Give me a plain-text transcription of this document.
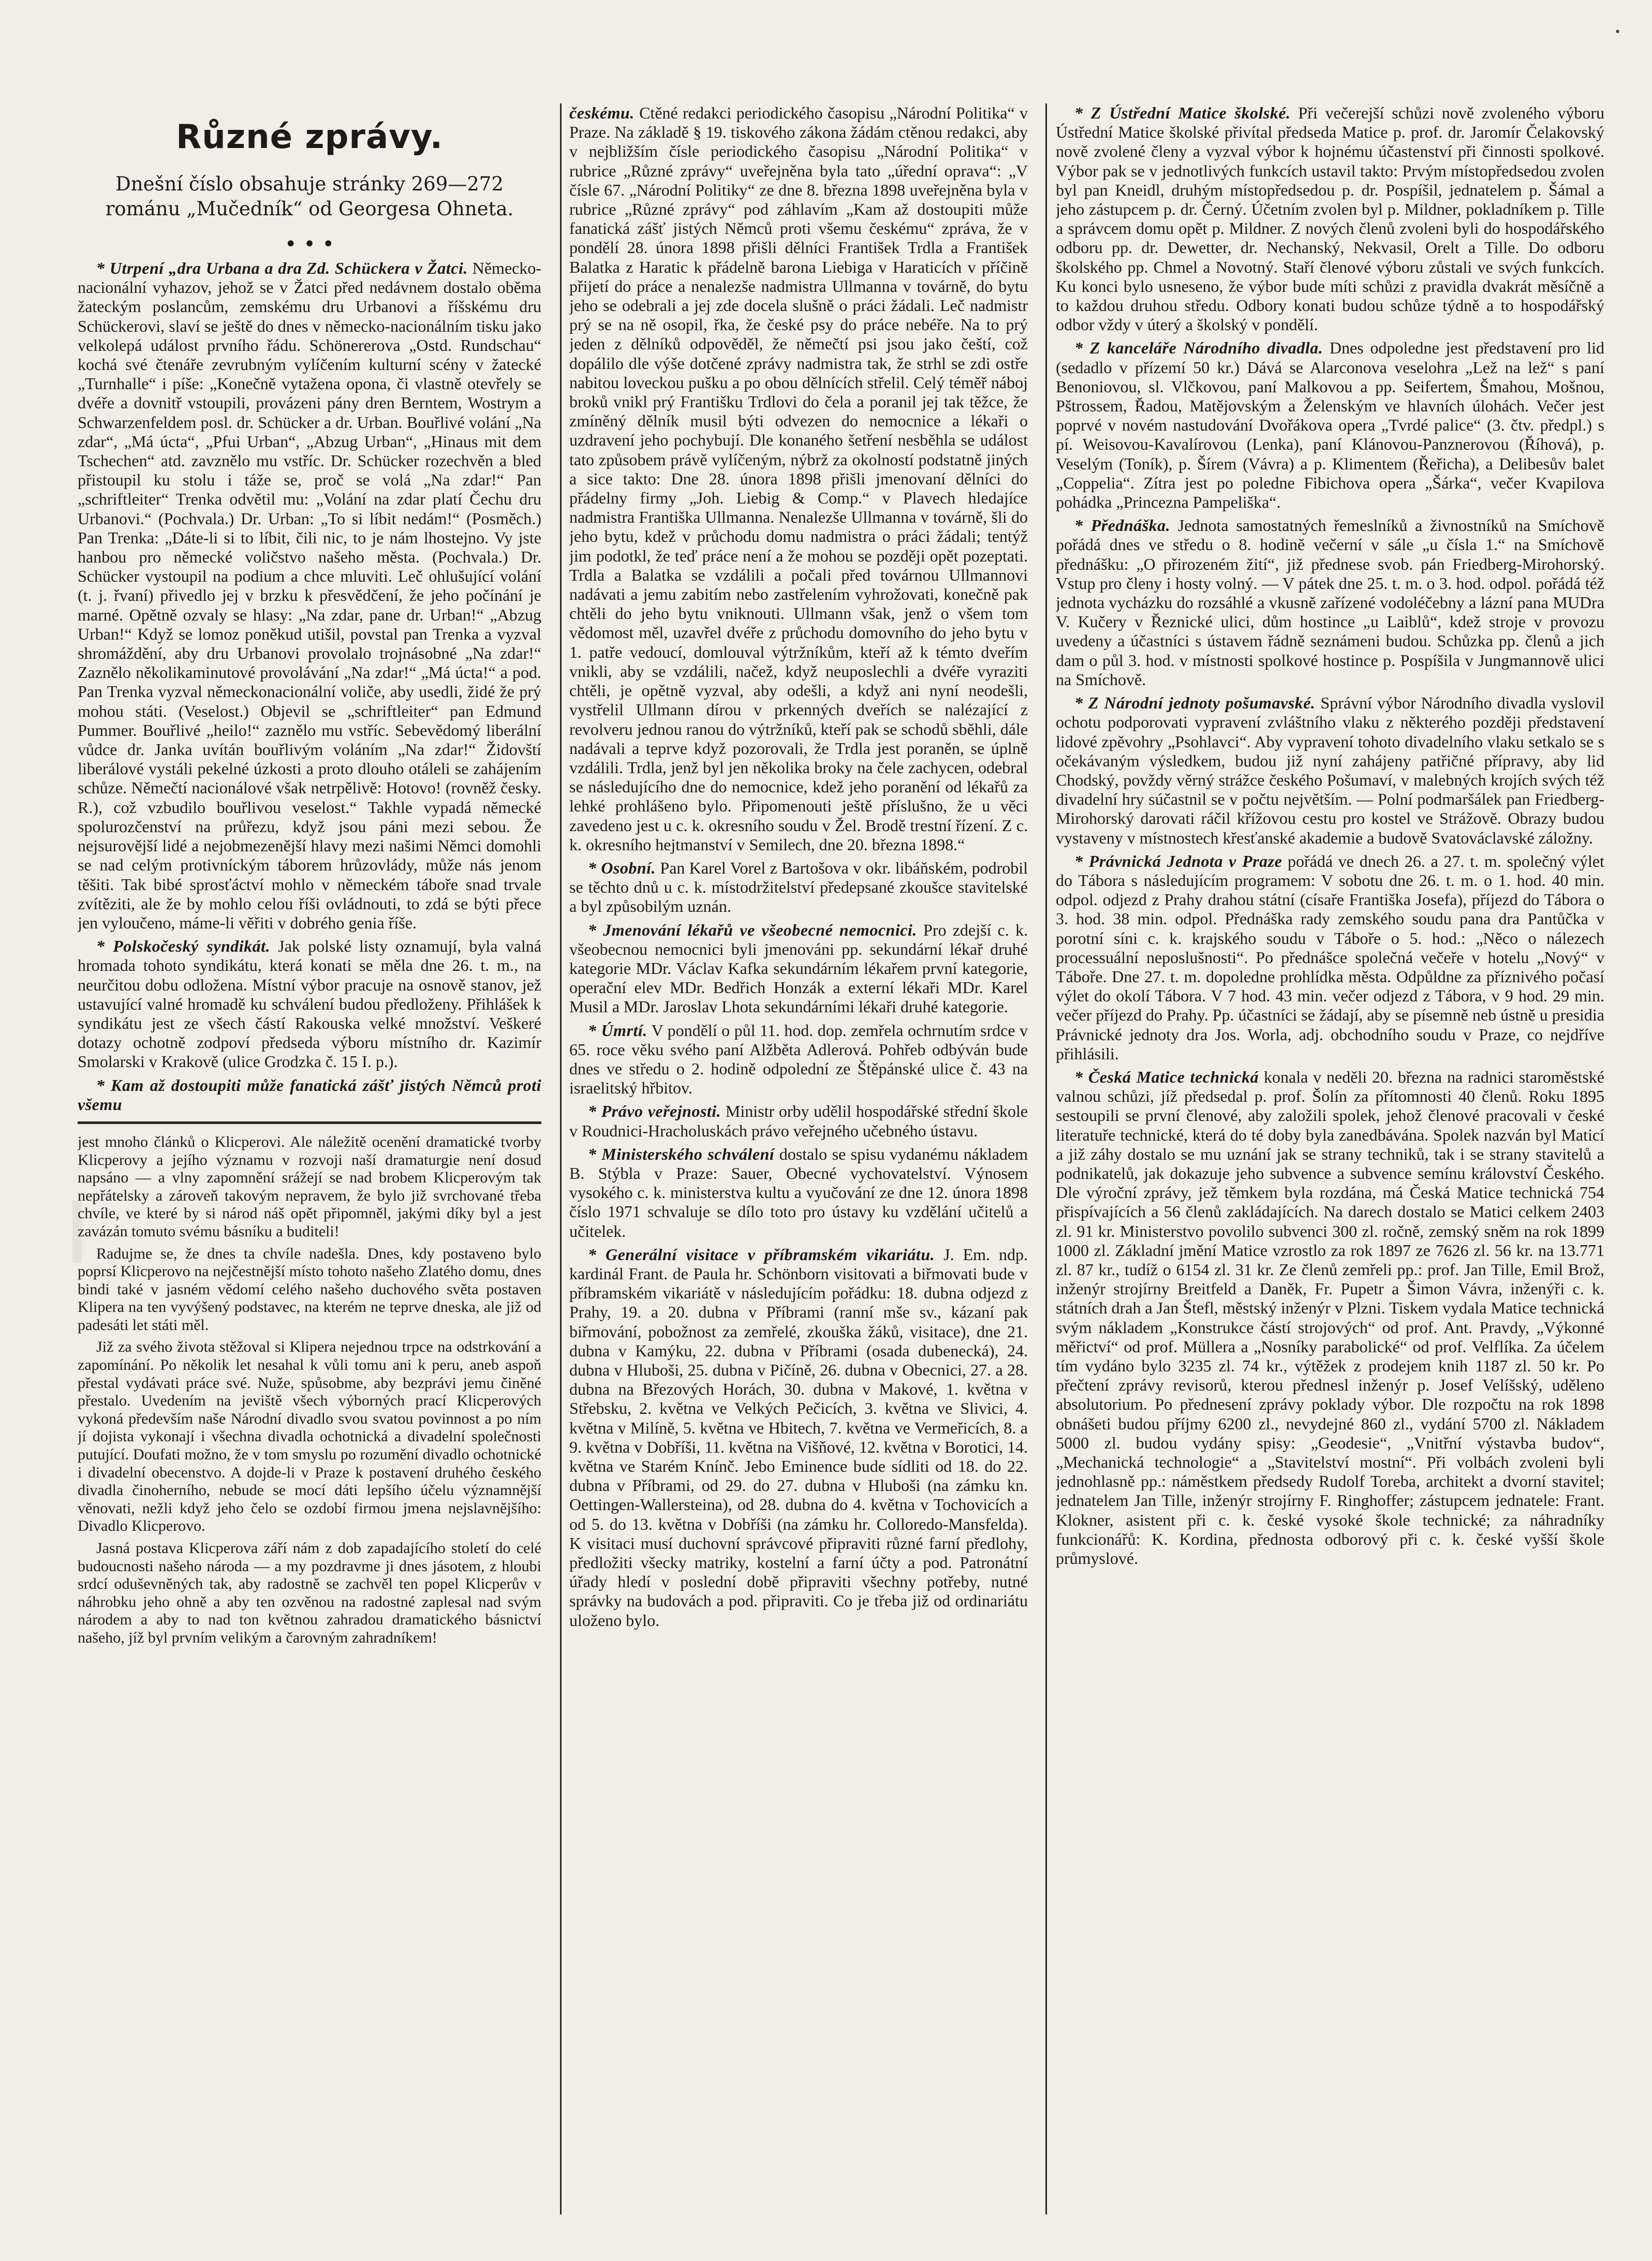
•
Různé zprávy.
Dnešní číslo obsahuje stránky 269—272 románu „Mučedník“ od Georgesa Ohneta.
• • •

* Utrpení „dra Urbana a dra Zd. Schückera v Žatci. Německo-nacionální vyhazov, jehož se v Žatci před nedávnem dostalo oběma žateckým poslancům, zemskému dru Urbanovi a říšskému dru Schückerovi, slaví se ještě do dnes v německo-nacionálním tisku jako velkolepá událost prvního řádu. Schönererova „Ostd. Rundschau“ kochá své čtenáře zevrubným vylíčením kulturní scény v žatecké „Turnhalle“ i píše: „Konečně vytažena opona, či vlastně otevřely se dvéře a dovnitř vstoupili, provázeni pány dren Berntem, Wostrym a Schwarzenfeldem posl. dr. Schücker a dr. Urban. Bouřlivé volání „Na zdar“, „Má úcta“, „Pfui Urban“, „Abzug Urban“, „Hinaus mit dem Tschechen“ atd. zavznělo mu vstříc. Dr. Schücker rozechvěn a bled přistoupil ku stolu i táže se, proč se volá „Na zdar!“ Pan „schriftleiter“ Trenka odvětil mu: „Volání na zdar platí Čechu dru Urbanovi.“ (Pochvala.) Dr. Urban: „To si líbit nedám!“ (Posměch.) Pan Trenka: „Dáte-li si to líbit, čili nic, to je nám lhostejno. Vy jste hanbou pro německé voličstvo našeho města. (Pochvala.) Dr. Schücker vystoupil na podium a chce mluviti. Leč ohlušující volání (t. j. řvaní) přivedlo jej v brzku k přesvědčení, že jeho počínání je marné. Opětně ozvaly se hlasy: „Na zdar, pane dr. Urban!“ „Abzug Urban!“ Když se lomoz poněkud utišil, povstal pan Trenka a vyzval shromáždění, aby dru Urbanovi provolalo trojnásobné „Na zdar!“ Zaznělo několikaminutové provolávání „Na zdar!“ „Má úcta!“ a pod. Pan Trenka vyzval německonacionální voliče, aby usedli, židé že prý mohou státi. (Veselost.) Objevil se „schriftleiter“ pan Edmund Pummer. Bouřlivé „heilo!“ zaznělo mu vstříc. Sebevědomý liberální vůdce dr. Janka uvítán bouřlivým voláním „Na zdar!“ Židovští liberálové vystáli pekelné úzkosti a proto dlouho otáleli se zahájením schůze. Němečtí nacionálové však netrpělivě: Hotovo! (rovněž česky. R.), což vzbudilo bouřlivou veselost.“ Takhle vypadá německé spolurozčenství na průřezu, když jsou páni mezi sebou. Že nejsurovější lidé a nejobmezenější hlavy mezi našimi Němci domohli se nad celým protivníckým táborem hrůzovlády, může nás jenom těšiti. Tak bibé sprosťáctví mohlo v německém táboře snad trvale zvítěziti, ale že by mohlo celou říši ovládnouti, to zdá se býti přece jen vyloučeno, máme-li věřiti v dobrého genia říše.

* Polskočeský syndikát. Jak polské listy oznamují, byla valná hromada tohoto syndikátu, která konati se měla dne 26. t. m., na neurčitou dobu odložena. Místní výbor pracuje na osnově stanov, jež ustavující valné hromadě ku schválení budou předloženy. Přihlášek k syndikátu jest ze všech částí Rakouska velké množství. Veškeré dotazy ochotně zodpoví předseda výboru místního dr. Kazimír Smolarski v Krakově (ulice Grodzka č. 15 I. p.).

* Kam až dostoupiti může fanatická zášť jistých Němců proti všemu

jest mnoho článků o Klicperovi. Ale náležitě ocenění dramatické tvorby Klicperovy a jejího významu v rozvoji naší dramaturgie není dosud napsáno — a vlny zapomnění srážejí se nad brobem Klicperovým tak nepřátelsky a zároveň takovým nepravem, že bylo již svrchované třeba chvíle, ve které by si národ náš opět připomněl, jakými díky byl a jest zavázán tomuto svému básníku a buditeli!

Radujme se, že dnes ta chvíle nadešla. Dnes, kdy postaveno bylo poprsí Klicperovo na nejčestnější místo tohoto našeho Zlatého domu, dnes bindi také v jasném vědomí celého našeho duchového světa postaven Klipera na ten vyvýšený podstavec, na kterém ne teprve dneska, ale již od padesáti let státi měl.

Již za svého života stěžoval si Klipera nejednou trpce na odstrkování a zapomínání. Po několik let nesahal k vůli tomu ani k peru, aneb aspoň přestal vydávati práce své. Nuže, spůsobme, aby bezprávi jemu činěné přestalo. Uvedením na jeviště všech výborných prací Klicperových vykoná především naše Národní divadlo svou svatou povinnost a po ním jí dojista vykonají i všechna divadla ochotnická a divadelní společnosti putující. Doufati možno, že v tom smyslu po rozumění divadlo ochotnické i divadelní obecenstvo. A dojde-li v Praze k postavení druhého českého divadla činoherního, nebude se mocí dáti lepšího účelu významnější věnovati, nežli když jeho čelo se ozdobí firmou jmena nejslavnějšího: Divadlo Klicperovo.

Jasná postava Klicperova září nám z dob zapadajícího století do celé budoucnosti našeho národa — a my pozdravme ji dnes jásotem, z hloubi srdcí oduševněných tak, aby radostně se zachvěl ten popel Klicperův v náhrobku jeho ohně a aby ten ozvěnou na radostné zaplesal nad svým národem a aby to nad ton květnou zahradou dramatického básnictví našeho, jíž byl prvním velikým a čarovným zahradníkem!

českému. Ctěné redakci periodického časopisu „Národní Politika“ v Praze. Na základě § 19. tiskového zákona žádám ctěnou redakci, aby v nejbližším čísle periodického časopisu „Národní Politika“ v rubrice „Různé zprávy“ uveřejněna byla tato „úřední oprava“: „V čísle 67. „Národní Politiky“ ze dne 8. března 1898 uveřejněna byla v rubrice „Různé zprávy“ pod záhlavím „Kam až dostoupiti může fanatická zášť jistých Němců proti všemu českému“ zpráva, že v pondělí 28. února 1898 přišli dělníci František Trdla a František Balatka z Haratic k přádelně barona Liebiga v Haraticích v příčině přijetí do práce a nenalezše nadmistra Ullmanna v továrně, do bytu jeho se odebrali a jej zde docela slušně o práci žádali. Leč nadmistr prý se na ně osopil, řka, že české psy do práce nebéře. Na to prý jeden z dělníků odpověděl, že němečtí psi jsou jako čeští, což dopálilo dle výše dotčené zprávy nadmistra tak, že strhl se zdi ostře nabitou loveckou pušku a po obou dělnících střelil. Celý téměř náboj broků vnikl prý Františku Trdlovi do čela a poranil jej tak těžce, že zmíněný dělník musil býti odvezen do nemocnice a lékaři o uzdravení jeho pochybují. Dle konaného šetření nesběhla se událost tato způsobem právě vylíčeným, nýbrž za okolností podstatně jiných a sice takto: Dne 28. února 1898 přišli jmenovaní dělníci do přádelny firmy „Joh. Liebig & Comp.“ v Plavech hledajíce nadmistra Františka Ullmanna. Nenalezše Ullmanna v továrně, šli do jeho bytu, kdež v průchodu domu nadmistra o práci žádali; tentýž jim podotkl, že teď práce není a že mohou se později opět pozeptati. Trdla a Balatka se vzdálili a počali před továrnou Ullmannovi nadávati a jemu zabitím nebo zastřelením vyhrožovati, konečně pak chtěli do jeho bytu vniknouti. Ullmann však, jenž o všem tom vědomost měl, uzavřel dvéře z průchodu domovního do jeho bytu v 1. patře vedoucí, domlouval výtržníkům, kteří až k témto dveřím vnikli, aby se vzdálili, načež, když neuposlechli a dvéře vyraziti chtěli, je opětně vyzval, aby odešli, a když ani nyní neodešli, vystřelil Ullmann dírou v prkenných dveřích se nalézající z revolveru jednou ranou do výtržníků, kteří pak se schodů sběhli, dále nadávali a teprve když pozorovali, že Trdla jest poraněn, se úplně vzdálili. Trdla, jenž byl jen několika broky na čele zachycen, odebral se následujícího dne do nemocnice, kdež jeho poranění od lékařů za lehké prohlášeno bylo. Připomenouti ještě příslušno, že u věci zavedeno jest u c. k. okresního soudu v Žel. Brodě trestní řízení. Z c. k. okresního hejtmanství v Semilech, dne 20. března 1898.“

* Osobní. Pan Karel Vorel z Bartošova v okr. libáňském, podrobil se těchto dnů u c. k. místodržitelství předepsané zkoušce stavitelské a byl způsobilým uznán.

* Jmenování lékařů ve všeobecné nemocnici. Pro zdejší c. k. všeobecnou nemocnici byli jmenováni pp. sekundární lékař druhé kategorie MDr. Václav Kafka sekundárním lékařem první kategorie, operační elev MDr. Bedřich Honzák a externí lékaři MDr. Karel Musil a MDr. Jaroslav Lhota sekundárními lékaři druhé kategorie.

* Úmrtí. V pondělí o půl 11. hod. dop. zemřela ochrnutím srdce v 65. roce věku svého paní Alžběta Adlerová. Pohřeb odbýván bude dnes ve středu o 2. hodině odpolední ze Štěpánské ulice č. 43 na israelitský hřbitov.

* Právo veřejnosti. Ministr orby udělil hospodářské střední škole v Roudnici-Hracholuskách právo veřejného učebného ústavu.

* Ministerského schválení dostalo se spisu vydanému nákladem B. Stýbla v Praze: Sauer, Obecné vychovatelství. Výnosem vysokého c. k. ministerstva kultu a vyučování ze dne 12. února 1898 číslo 1971 schvaluje se dílo toto pro ústavy ku vzdělání učitelů a učitelek.

* Generální visitace v příbramském vikariátu. J. Em. ndp. kardinál Frant. de Paula hr. Schönborn visitovati a biřmovati bude v příbramském vikariátě v následujícím pořádku: 18. dubna odjezd z Prahy, 19. a 20. dubna v Příbrami (ranní mše sv., kázaní pak biřmování, pobožnost za zemřelé, zkouška žáků, visitace), dne 21. dubna v Kamýku, 22. dubna v Příbrami (osada dubenecká), 24. dubna v Hluboši, 25. dubna v Pičíně, 26. dubna v Obecnici, 27. a 28. dubna na Březových Horách, 30. dubna v Makové, 1. května v Střebsku, 2. května ve Velkých Pečicích, 3. května ve Slivici, 4. května v Milíně, 5. května ve Hbitech, 7. května ve Vermeřicích, 8. a 9. května v Dobříši, 11. května na Višňové, 12. května v Borotici, 14. května ve Starém Knínč. Jebo Eminence bude sídliti od 18. do 22. dubna v Příbrami, od 29. do 27. dubna v Hluboši (na zámku kn. Oettingen-Wallersteina), od 28. dubna do 4. května v Tochovicích a od 5. do 13. května v Dobříši (na zámku hr. Colloredo-Mansfelda). K visitaci musí duchovní správcové připraviti různé farní předlohy, předložiti všecky matriky, kostelní a farní účty a pod. Patronátní úřady hledí v poslední době připraviti všechny potřeby, nutné správky na budovách a pod. připraviti. Co je třeba již od ordinariátu uloženo bylo.

* Z Ústřední Matice školské. Při večerejší schůzi nově zvoleného výboru Ústřední Matice školské přivítal předseda Matice p. prof. dr. Jaromír Čelakovský nově zvolené členy a vyzval výbor k hojnému účastenství při činnosti spolkové. Výbor pak se v jednotlivých funkcích ustavil takto: Prvým místopředsedou zvolen byl pan Kneidl, druhým místopředsedou p. dr. Pospíšil, jednatelem p. Šámal a jeho zástupcem p. dr. Černý. Účetním zvolen byl p. Mildner, pokladníkem p. Tille a správcem domu opět p. Mildner. Z nových členů zvoleni byli do hospodářského odboru pp. dr. Dewetter, dr. Nechanský, Nekvasil, Orelt a Tille. Do odboru školského pp. Chmel a Novotný. Staří členové výboru zůstali ve svých funkcích. Ku konci bylo usneseno, že výbor bude míti schůzi z pravidla dvakrát měsíčně a to každou druhou středu. Odbory konati budou schůze týdně a to hospodářský odbor vždy v úterý a školský v pondělí.

* Z kanceláře Národního divadla. Dnes odpoledne jest představení pro lid (sedadlo v přízemí 50 kr.) Dává se Alarconova veselohra „Lež na lež“ s paní Benoniovou, sl. Vlčkovou, paní Malkovou a pp. Seifertem, Šmahou, Mošnou, Pštrossem, Řadou, Matějovským a Želenským ve hlavních úlohách. Večer jest poprvé v novém nastudování Dvořákova opera „Tvrdé palice“ (3. čtv. předpl.) s pí. Weisovou-Kavalírovou (Lenka), paní Klánovou-Panznerovou (Říhová), p. Veselým (Toník), p. Šírem (Vávra) a p. Klimentem (Řeřicha), a Delibesův balet „Coppelia“. Zítra jest po poledne Fibichova opera „Šárka“, večer Kvapilova pohádka „Princezna Pampeliška“.

* Přednáška. Jednota samostatných řemeslníků a živnostníků na Smíchově pořádá dnes ve středu o 8. hodině večerní v sále „u čísla 1.“ na Smíchově přednášku: „O přirozeném žití“, již přednese svob. pán Friedberg-Mirohorský. Vstup pro členy i hosty volný. — V pátek dne 25. t. m. o 3. hod. odpol. pořádá též jednota vycházku do rozsáhlé a vkusně zařízené vodoléčebny a lázní pana MUDra V. Kučery v Řeznické ulici, dům hostince „u Laiblů“, kdež stroje v provozu uvedeny a účastníci s ústavem řádně seznámeni budou. Schůzka pp. členů a jich dam o půl 3. hod. v místnosti spolkové hostince p. Pospíšila v Jungmannově ulici na Smíchově.

* Z Národní jednoty pošumavské. Správní výbor Národního divadla vyslovil ochotu podporovati vypravení zvláštního vlaku z některého později představení lidové zpěvohry „Psohlavci“. Aby vypravení tohoto divadelního vlaku setkalo se s očekávaným výsledkem, budou již nyní zahájeny patřičné přípravy, aby lid Chodský, povždy věrný strážce českého Pošumaví, v malebných krojích svých též divadelní hry súčastnil se v počtu největším. — Polní podmaršálek pan Friedberg-Mirohorský darovati ráčil křížovou cestu pro kostel ve Strážově. Obrazy budou vystaveny v místnostech křesťanské akademie a budově Svatováclavské záložny.

* Právnická Jednota v Praze pořádá ve dnech 26. a 27. t. m. společný výlet do Tábora s následujícím programem: V sobotu dne 26. t. m. o 1. hod. 40 min. odpol. odjezd z Prahy drahou státní (císaře Františka Josefa), příjezd do Tábora o 3. hod. 38 min. odpol. Přednáška rady zemského soudu pana dra Pantůčka v porotní síni c. k. krajského soudu v Táboře o 5. hod.: „Něco o nálezech processuální neposlušnosti“. Po přednášce společná večeře v hotelu „Nový“ v Táboře. Dne 27. t. m. dopoledne prohlídka města. Odpůldne za příznivého počasí výlet do okolí Tábora. V 7 hod. 43 min. večer odjezd z Tábora, v 9 hod. 29 min. večer příjezd do Prahy. Pp. účastníci se žádají, aby se písemně neb ústně u presidia Právnické jednoty dra Jos. Worla, adj. obchodního soudu v Praze, co nejdříve přihlásili.

* Česká Matice technická konala v neděli 20. března na radnici staroměstské valnou schůzi, jíž předsedal p. prof. Šolín za přítomnosti 40 členů. Roku 1895 sestoupili se první členové, aby založili spolek, jehož členové pracovali v české literatuře technické, která do té doby byla zanedbávána. Spolek nazván byl Maticí a již záhy dostalo se mu uznání jak se strany techniků, tak i se strany stavitelů a podnikatelů, jak dokazuje jeho subvence a subvence semínu království Českého. Dle výroční zprávy, jež těmkem byla rozdána, má Česká Matice technická 754 přispívajících a 56 členů zakládajících. Na darech dostalo se Matici celkem 2403 zl. 91 kr. Ministerstvo povolilo subvenci 300 zl. ročně, zemský sněm na rok 1899 1000 zl. Základní jmění Matice vzrostlo za rok 1897 ze 7626 zl. 56 kr. na 13.771 zl. 87 kr., tudíž o 6154 zl. 31 kr. Ze členů zemřeli pp.: prof. Jan Tille, Emil Brož, inženýr strojírny Breitfeld a Daněk, Fr. Pupetr a Šimon Vávra, inženýři c. k. státních drah a Jan Štefl, městský inženýr v Plzni. Tiskem vydala Matice technická svým nákladem „Konstrukce částí strojových“ od prof. Ant. Pravdy, „Výkonné měřictví“ od prof. Müllera a „Nosníky parabolické“ od prof. Velflíka. Za účelem tím vydáno bylo 3235 zl. 74 kr., výtěžek z prodejem knih 1187 zl. 50 kr. Po přečtení zprávy revisorů, kterou přednesl inženýr p. Josef Velíšský, uděleno absolutorium. Po přednesení zprávy poklady výbor. Dle rozpočtu na rok 1898 obnášeti budou příjmy 6200 zl., nevydejné 860 zl., vydání 5700 zl. Nákladem 5000 zl. budou vydány spisy: „Geodesie“, „Vnitřní výstavba budov“, „Mechanická technologie“ a „Stavitelství mostní“. Při volbách zvoleni byli jednohlasně pp.: náměstkem předsedy Rudolf Toreba, architekt a dvorní stavitel; jednatelem Jan Tille, inženýr strojírny F. Ringhoffer; zástupcem jednatele: Frant. Klokner, asistent při c. k. české vysoké škole technické; za náhradníky funkcionářů: K. Kordina, přednosta odborový při c. k. české vyšší škole průmyslové.
